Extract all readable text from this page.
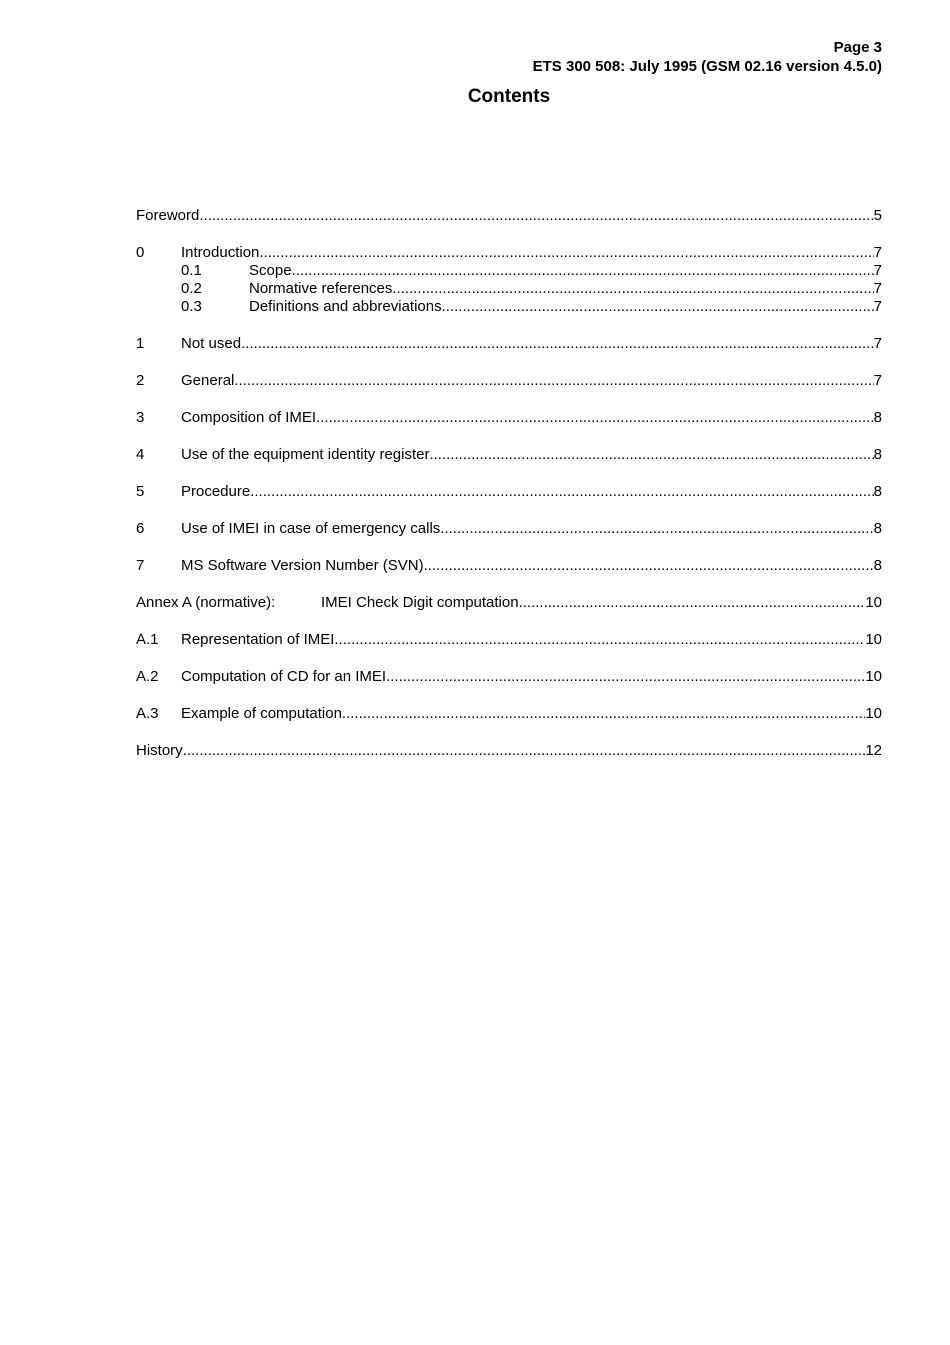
Page 3
ETS 300 508: July 1995 (GSM 02.16 version 4.5.0)
Contents
Foreword .....	5
0	Introduction .....	7
0.1	Scope .....	7
0.2	Normative references .....	7
0.3	Definitions and abbreviations .....	7
1	Not used .....	7
2	General .....	7
3	Composition of IMEI .....	8
4	Use of the equipment identity register .....	8
5	Procedure .....	8
6	Use of IMEI in case of emergency calls .....	8
7	MS Software Version Number (SVN) .....	8
Annex A (normative):	IMEI Check Digit computation .....	10
A.1	Representation of IMEI .....	10
A.2	Computation of CD for an IMEI .....	10
A.3	Example of computation .....	10
History .....	12
